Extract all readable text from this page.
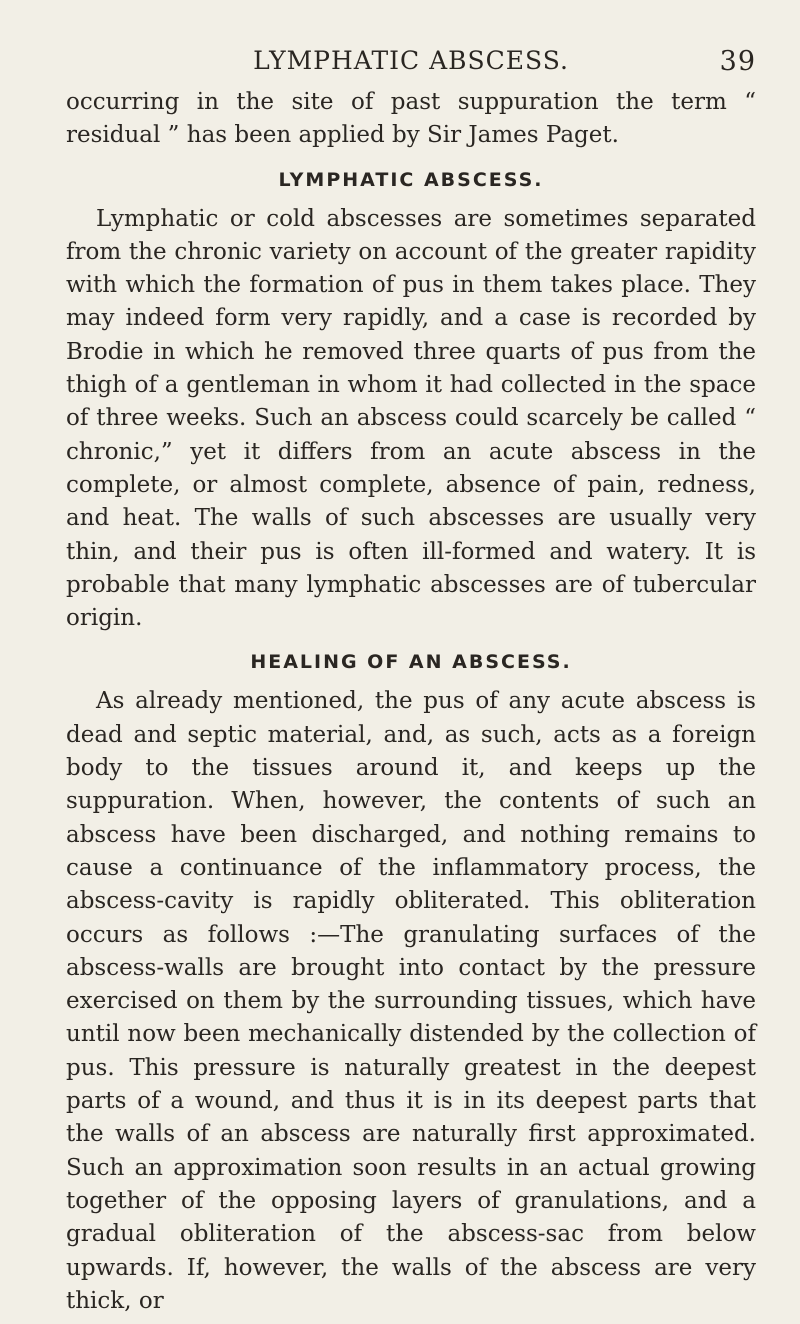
LYMPHATIC ABSCESS.	39

occurring in the site of past suppuration the term “ residual ” has been applied by Sir James Paget.

LYMPHATIC ABSCESS.

Lymphatic or cold abscesses are sometimes separated from the chronic variety on account of the greater rapidity with which the formation of pus in them takes place. They may indeed form very rapidly, and a case is recorded by Brodie in which he removed three quarts of pus from the thigh of a gentleman in whom it had collected in the space of three weeks. Such an abscess could scarcely be called “ chronic,” yet it differs from an acute abscess in the complete, or almost complete, absence of pain, redness, and heat. The walls of such abscesses are usually very thin, and their pus is often ill-formed and watery. It is probable that many lymphatic abscesses are of tubercular origin.

HEALING OF AN ABSCESS.

As already mentioned, the pus of any acute abscess is dead and septic material, and, as such, acts as a foreign body to the tissues around it, and keeps up the suppuration. When, however, the contents of such an abscess have been discharged, and nothing remains to cause a continuance of the inflammatory process, the abscess-cavity is rapidly obliterated. This obliteration occurs as follows :—The granulating surfaces of the abscess-walls are brought into contact by the pressure exercised on them by the surrounding tissues, which have until now been mechanically distended by the collection of pus. This pressure is naturally greatest in the deepest parts of a wound, and thus it is in its deepest parts that the walls of an abscess are naturally first approximated. Such an approximation soon results in an actual growing together of the opposing layers of granulations, and a gradual obliteration of the abscess-sac from below upwards. If, however, the walls of the abscess are very thick, or
